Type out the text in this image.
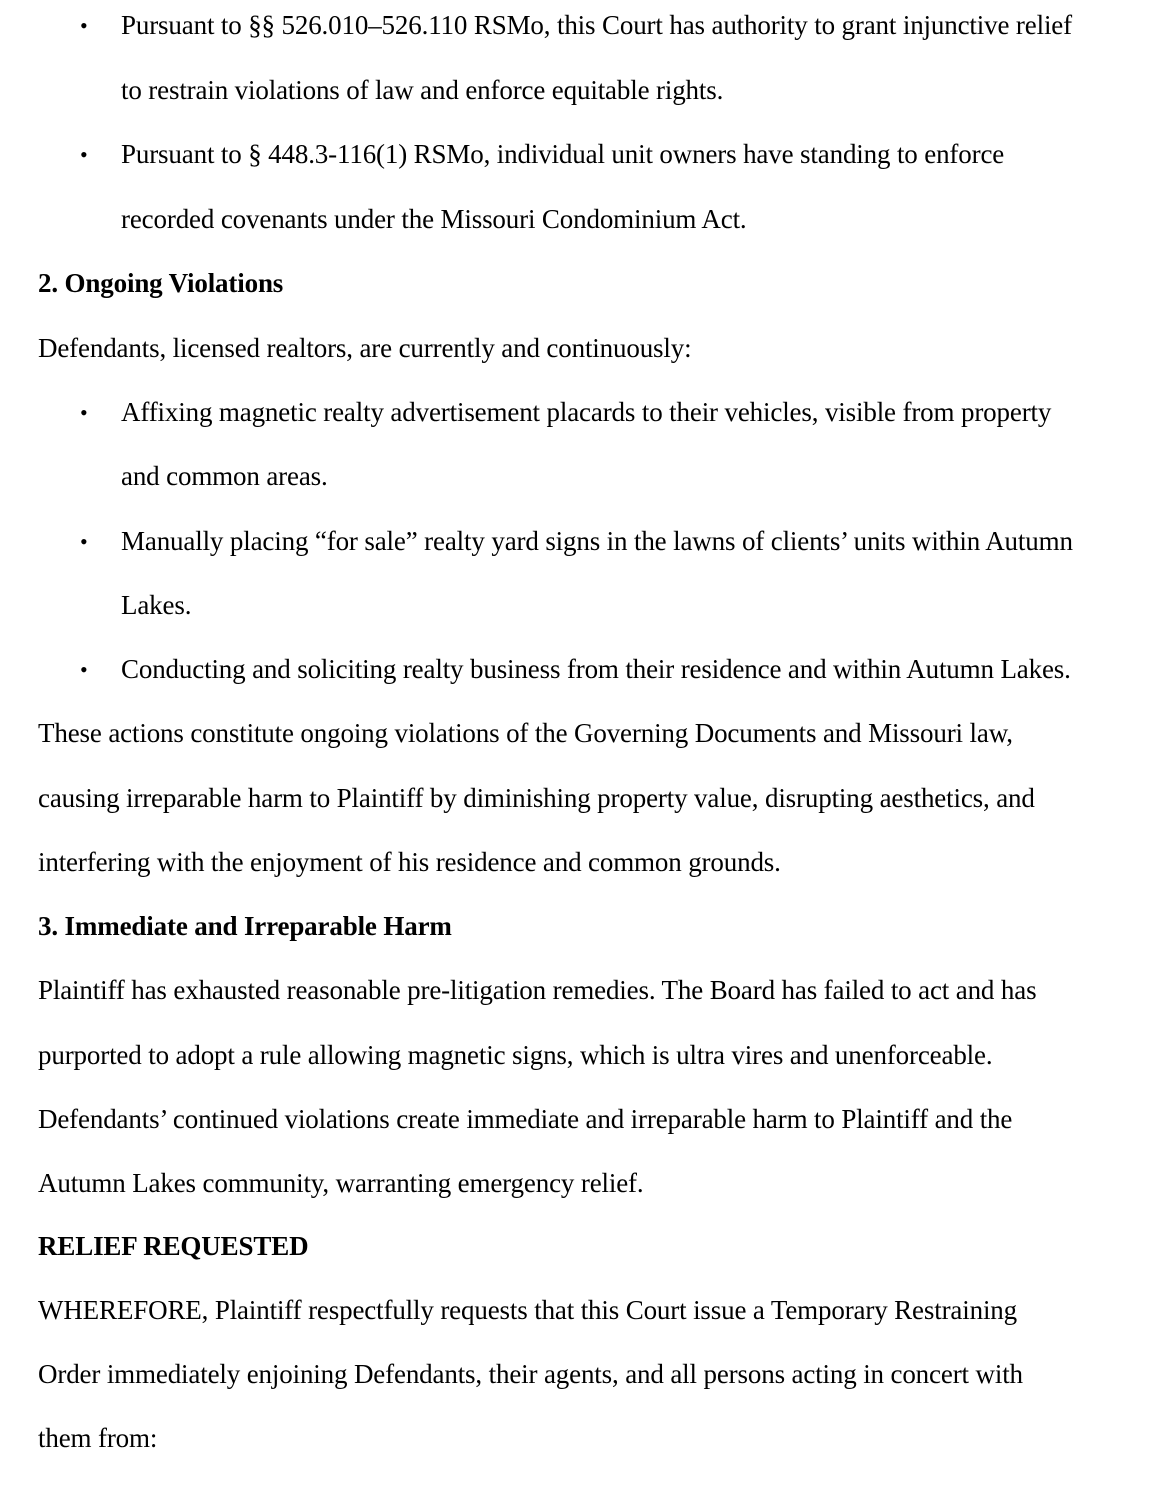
• Pursuant to §§ 526.010–526.110 RSMo, this Court has authority to grant injunctive relief
to restrain violations of law and enforce equitable rights.
• Pursuant to § 448.3-116(1) RSMo, individual unit owners have standing to enforce
recorded covenants under the Missouri Condominium Act.
2. Ongoing Violations
Defendants, licensed realtors, are currently and continuously:
• Affixing magnetic realty advertisement placards to their vehicles, visible from property
and common areas.
• Manually placing “for sale” realty yard signs in the lawns of clients’ units within Autumn
Lakes.
• Conducting and soliciting realty business from their residence and within Autumn Lakes.
These actions constitute ongoing violations of the Governing Documents and Missouri law,
causing irreparable harm to Plaintiff by diminishing property value, disrupting aesthetics, and
interfering with the enjoyment of his residence and common grounds.
3. Immediate and Irreparable Harm
Plaintiff has exhausted reasonable pre-litigation remedies. The Board has failed to act and has
purported to adopt a rule allowing magnetic signs, which is ultra vires and unenforceable.
Defendants’ continued violations create immediate and irreparable harm to Plaintiff and the
Autumn Lakes community, warranting emergency relief.
RELIEF REQUESTED
WHEREFORE, Plaintiff respectfully requests that this Court issue a Temporary Restraining
Order immediately enjoining Defendants, their agents, and all persons acting in concert with
them from:
